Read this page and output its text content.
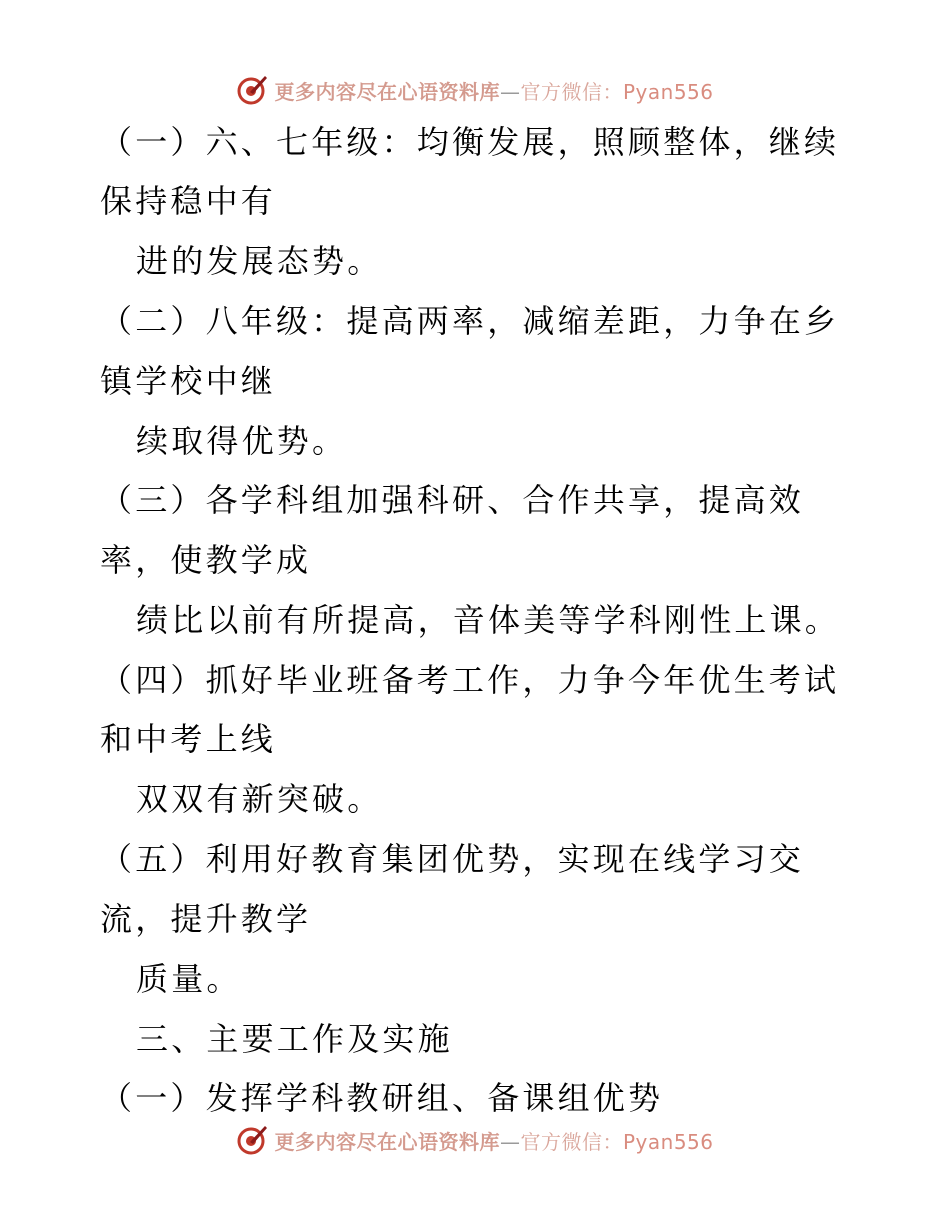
更多内容尽在心语资料库—官方微信：Pyan556
（一）六、七年级：均衡发展，照顾整体，继续
保持稳中有
进的发展态势。
（二）八年级：提高两率，减缩差距，力争在乡
镇学校中继
续取得优势。
（三）各学科组加强科研、合作共享，提高效
率，使教学成
绩比以前有所提高，音体美等学科刚性上课。
（四）抓好毕业班备考工作，力争今年优生考试
和中考上线
双双有新突破。
（五）利用好教育集团优势，实现在线学习交
流，提升教学
质量。
三、主要工作及实施
（一）发挥学科教研组、备课组优势
更多内容尽在心语资料库—官方微信：Pyan556
